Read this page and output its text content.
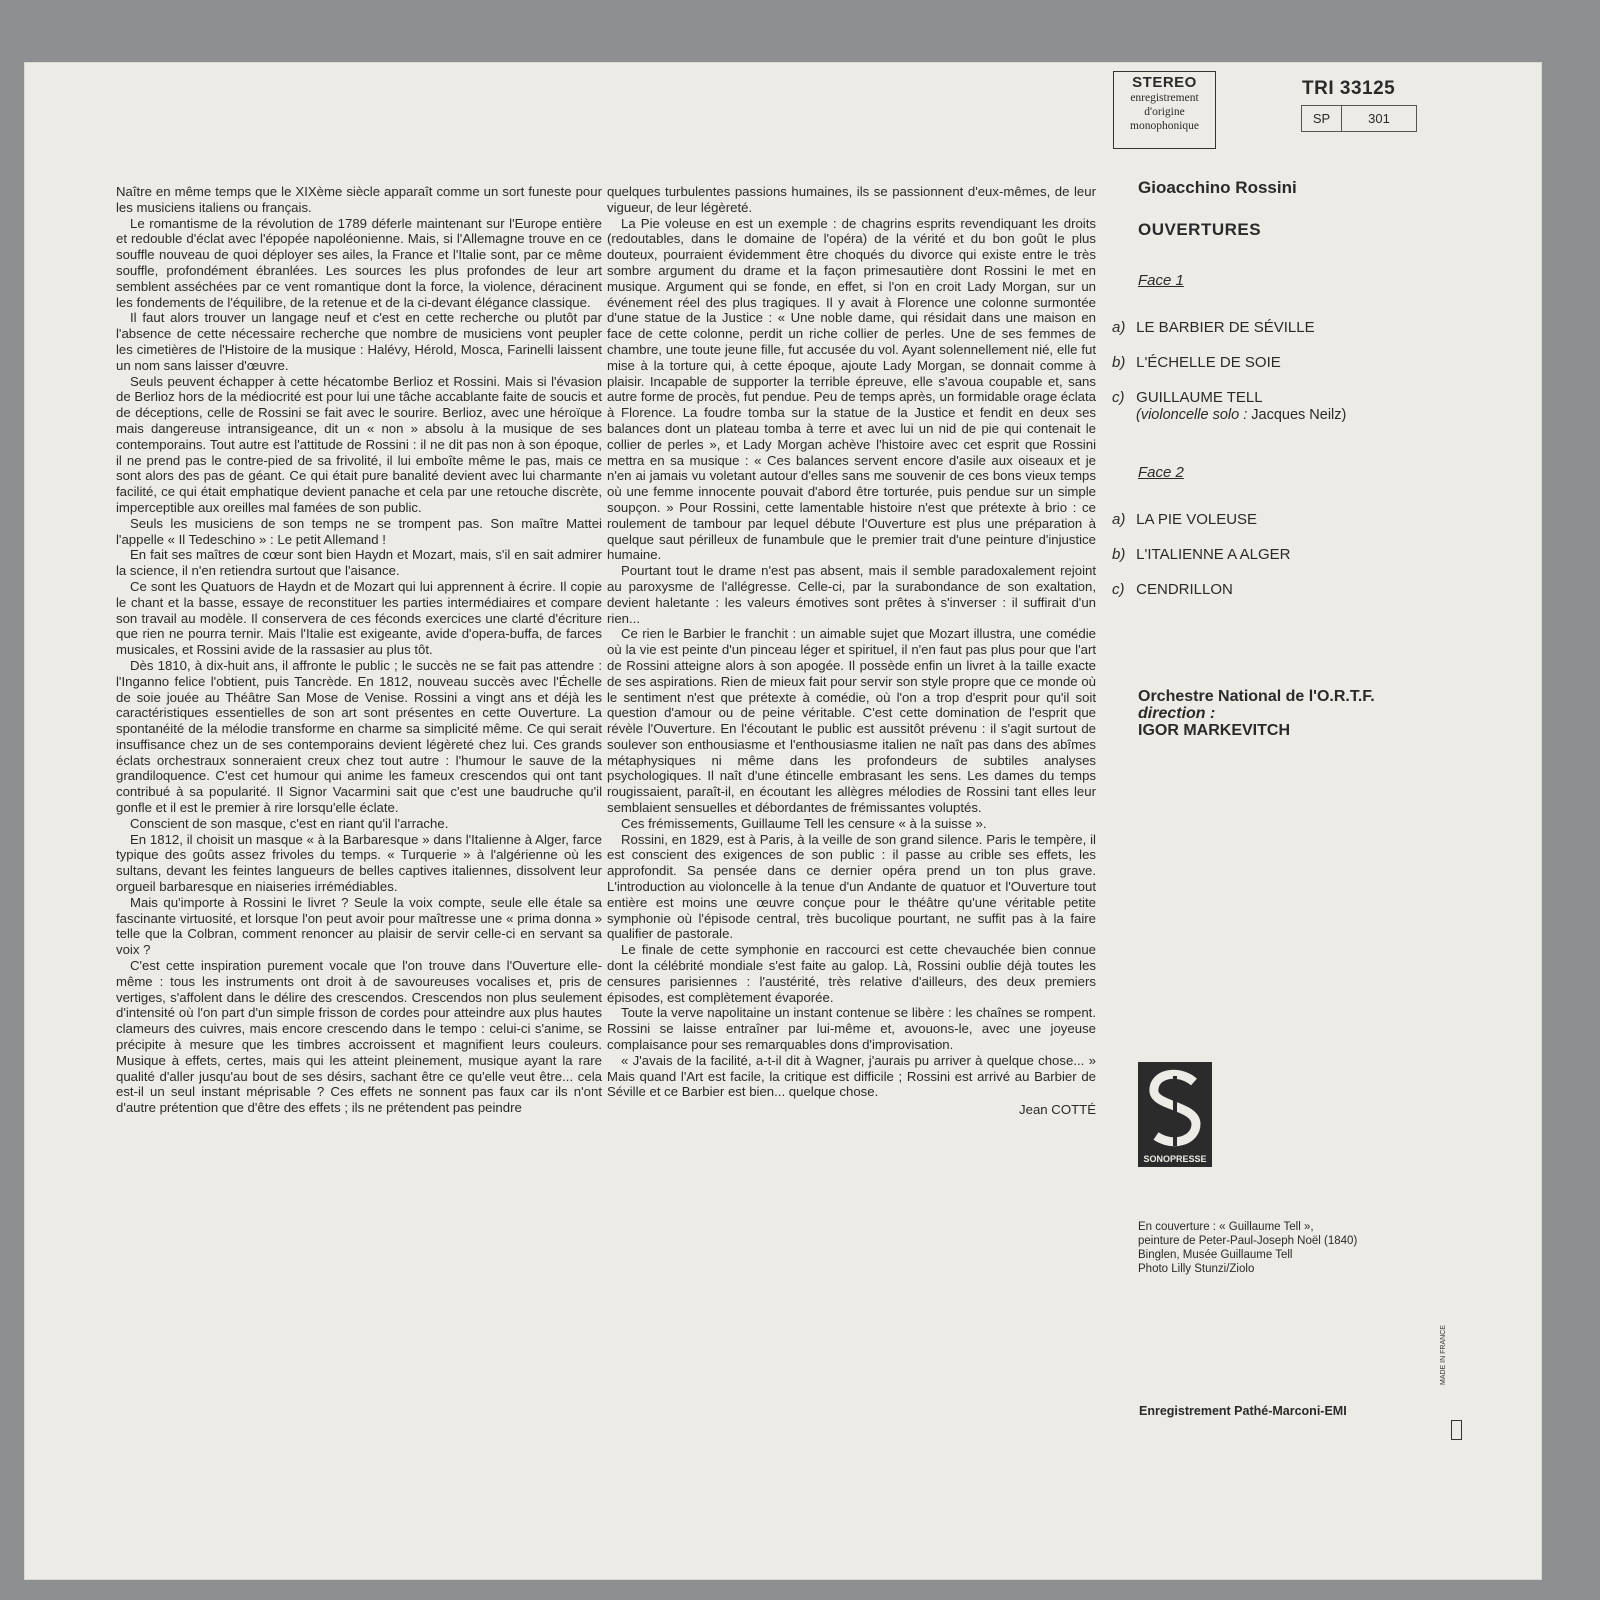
STEREO
enregistrement
d'origine
monophonique
TRI 33125
SP	301

Naître en même temps que le XIXème siècle apparaît comme un sort funeste pour les musiciens italiens ou français.

Le romantisme de la révolution de 1789 déferle maintenant sur l'Europe entière et redouble d'éclat avec l'épopée napoléonienne. Mais, si l'Allemagne trouve en ce souffle nouveau de quoi déployer ses ailes, la France et l'Italie sont, par ce même souffle, profondément ébranlées. Les sources les plus profondes de leur art semblent asséchées par ce vent romantique dont la force, la violence, déracinent les fondements de l'équilibre, de la retenue et de la ci-devant élégance classique.

Il faut alors trouver un langage neuf et c'est en cette recherche ou plutôt par l'absence de cette nécessaire recherche que nombre de musiciens vont peupler les cimetières de l'Histoire de la musique : Halévy, Hérold, Mosca, Farinelli laissent un nom sans laisser d'œuvre.

Seuls peuvent échapper à cette hécatombe Berlioz et Rossini. Mais si l'évasion de Berlioz hors de la médiocrité est pour lui une tâche accablante faite de soucis et de déceptions, celle de Rossini se fait avec le sourire. Berlioz, avec une héroïque mais dangereuse intransigeance, dit un « non » absolu à la musique de ses contemporains. Tout autre est l'attitude de Rossini : il ne dit pas non à son époque, il ne prend pas le contre-pied de sa frivolité, il lui emboîte même le pas, mais ce sont alors des pas de géant. Ce qui était pure banalité devient avec lui charmante facilité, ce qui était emphatique devient panache et cela par une retouche discrète, imperceptible aux oreilles mal famées de son public.

Seuls les musiciens de son temps ne se trompent pas. Son maître Mattei l'appelle « Il Tedeschino » : Le petit Allemand !

En fait ses maîtres de cœur sont bien Haydn et Mozart, mais, s'il en sait admirer la science, il n'en retiendra surtout que l'aisance.

Ce sont les Quatuors de Haydn et de Mozart qui lui apprennent à écrire. Il copie le chant et la basse, essaye de reconstituer les parties intermédiaires et compare son travail au modèle. Il conservera de ces féconds exercices une clarté d'écriture que rien ne pourra ternir. Mais l'Italie est exigeante, avide d'opera-buffa, de farces musicales, et Rossini avide de la rassasier au plus tôt.

Dès 1810, à dix-huit ans, il affronte le public ; le succès ne se fait pas attendre : l'Inganno felice l'obtient, puis Tancrède. En 1812, nouveau succès avec l'Échelle de soie jouée au Théâtre San Mose de Venise. Rossini a vingt ans et déjà les caractéristiques essentielles de son art sont présentes en cette Ouverture. La spontanéité de la mélodie transforme en charme sa simplicité même. Ce qui serait insuffisance chez un de ses contemporains devient légèreté chez lui. Ces grands éclats orchestraux sonneraient creux chez tout autre : l'humour le sauve de la grandiloquence. C'est cet humour qui anime les fameux crescendos qui ont tant contribué à sa popularité. Il Signor Vacarmini sait que c'est une baudruche qu'il gonfle et il est le premier à rire lorsqu'elle éclate.

Conscient de son masque, c'est en riant qu'il l'arrache.

En 1812, il choisit un masque « à la Barbaresque » dans l'Italienne à Alger, farce typique des goûts assez frivoles du temps. « Turquerie » à l'algérienne où les sultans, devant les feintes langueurs de belles captives italiennes, dissolvent leur orgueil barbaresque en niaiseries irrémédiables.

Mais qu'importe à Rossini le livret ? Seule la voix compte, seule elle étale sa fascinante virtuosité, et lorsque l'on peut avoir pour maîtresse une « prima donna » telle que la Colbran, comment renoncer au plaisir de servir celle-ci en servant sa voix ?

C'est cette inspiration purement vocale que l'on trouve dans l'Ouverture elle-même : tous les instruments ont droit à de savoureuses vocalises et, pris de vertiges, s'affolent dans le délire des crescendos. Crescendos non plus seulement d'intensité où l'on part d'un simple frisson de cordes pour atteindre aux plus hautes clameurs des cuivres, mais encore crescendo dans le tempo : celui-ci s'anime, se précipite à mesure que les timbres accroissent et magnifient leurs couleurs. Musique à effets, certes, mais qui les atteint pleinement, musique ayant la rare qualité d'aller jusqu'au bout de ses désirs, sachant être ce qu'elle veut être... cela est-il un seul instant méprisable ? Ces effets ne sonnent pas faux car ils n'ont d'autre prétention que d'être des effets ; ils ne prétendent pas peindre

quelques turbulentes passions humaines, ils se passionnent d'eux-mêmes, de leur vigueur, de leur légèreté.

La Pie voleuse en est un exemple : de chagrins esprits revendiquant les droits (redoutables, dans le domaine de l'opéra) de la vérité et du bon goût le plus douteux, pourraient évidemment être choqués du divorce qui existe entre le très sombre argument du drame et la façon primesautière dont Rossini le met en musique. Argument qui se fonde, en effet, si l'on en croit Lady Morgan, sur un événement réel des plus tragiques. Il y avait à Florence une colonne surmontée d'une statue de la Justice : « Une noble dame, qui résidait dans une maison en face de cette colonne, perdit un riche collier de perles. Une de ses femmes de chambre, une toute jeune fille, fut accusée du vol. Ayant solennellement nié, elle fut mise à la torture qui, à cette époque, ajoute Lady Morgan, se donnait comme à plaisir. Incapable de supporter la terrible épreuve, elle s'avoua coupable et, sans autre forme de procès, fut pendue. Peu de temps après, un formidable orage éclata à Florence. La foudre tomba sur la statue de la Justice et fendit en deux ses balances dont un plateau tomba à terre et avec lui un nid de pie qui contenait le collier de perles », et Lady Morgan achève l'histoire avec cet esprit que Rossini mettra en sa musique : « Ces balances servent encore d'asile aux oiseaux et je n'en ai jamais vu voletant autour d'elles sans me souvenir de ces bons vieux temps où une femme innocente pouvait d'abord être torturée, puis pendue sur un simple soupçon. » Pour Rossini, cette lamentable histoire n'est que prétexte à brio : ce roulement de tambour par lequel débute l'Ouverture est plus une préparation à quelque saut périlleux de funambule que le premier trait d'une peinture d'injustice humaine.

Pourtant tout le drame n'est pas absent, mais il semble paradoxalement rejoint au paroxysme de l'allégresse. Celle-ci, par la surabondance de son exaltation, devient haletante : les valeurs émotives sont prêtes à s'inverser : il suffirait d'un rien...

Ce rien le Barbier le franchit : un aimable sujet que Mozart illustra, une comédie où la vie est peinte d'un pinceau léger et spirituel, il n'en faut pas plus pour que l'art de Rossini atteigne alors à son apogée. Il possède enfin un livret à la taille exacte de ses aspirations. Rien de mieux fait pour servir son style propre que ce monde où le sentiment n'est que prétexte à comédie, où l'on a trop d'esprit pour qu'il soit question d'amour ou de peine véritable. C'est cette domination de l'esprit que révèle l'Ouverture. En l'écoutant le public est aussitôt prévenu : il s'agit surtout de soulever son enthousiasme et l'enthousiasme italien ne naît pas dans des abîmes métaphysiques ni même dans les profondeurs de subtiles analyses psychologiques. Il naît d'une étincelle embrasant les sens. Les dames du temps rougissaient, paraît-il, en écoutant les allègres mélodies de Rossini tant elles leur semblaient sensuelles et débordantes de frémissantes voluptés.

Ces frémissements, Guillaume Tell les censure « à la suisse ».

Rossini, en 1829, est à Paris, à la veille de son grand silence. Paris le tempère, il est conscient des exigences de son public : il passe au crible ses effets, les approfondit. Sa pensée dans ce dernier opéra prend un ton plus grave. L'introduction au violoncelle à la tenue d'un Andante de quatuor et l'Ouverture tout entière est moins une œuvre conçue pour le théâtre qu'une véritable petite symphonie où l'épisode central, très bucolique pourtant, ne suffit pas à la faire qualifier de pastorale.

Le finale de cette symphonie en raccourci est cette chevauchée bien connue dont la célébrité mondiale s'est faite au galop. Là, Rossini oublie déjà toutes les censures parisiennes : l'austérité, très relative d'ailleurs, des deux premiers épisodes, est complètement évaporée.

Toute la verve napolitaine un instant contenue se libère : les chaînes se rompent. Rossini se laisse entraîner par lui-même et, avouons-le, avec une joyeuse complaisance pour ses remarquables dons d'improvisation.

« J'avais de la facilité, a-t-il dit à Wagner, j'aurais pu arriver à quelque chose... » Mais quand l'Art est facile, la critique est difficile ; Rossini est arrivé au Barbier de Séville et ce Barbier est bien... quelque chose.

Jean COTTÉ
Gioacchino Rossini
OUVERTURES
Face 1
a) LE BARBIER DE SÉVILLE
b) L'ÉCHELLE DE SOIE
c) GUILLAUME TELL
(violoncelle solo : Jacques Neilz)
Face 2
a) LA PIE VOLEUSE
b) L'ITALIENNE A ALGER
c) CENDRILLON
Orchestre National de l'O.R.T.F.
direction :
IGOR MARKEVITCH
SONOPRESSE
En couverture : « Guillaume Tell »,
peinture de Peter-Paul-Joseph Noël (1840)
Binglen, Musée Guillaume Tell
Photo Lilly Stunzi/Ziolo
Enregistrement Pathé-Marconi-EMI
MADE IN FRANCE
